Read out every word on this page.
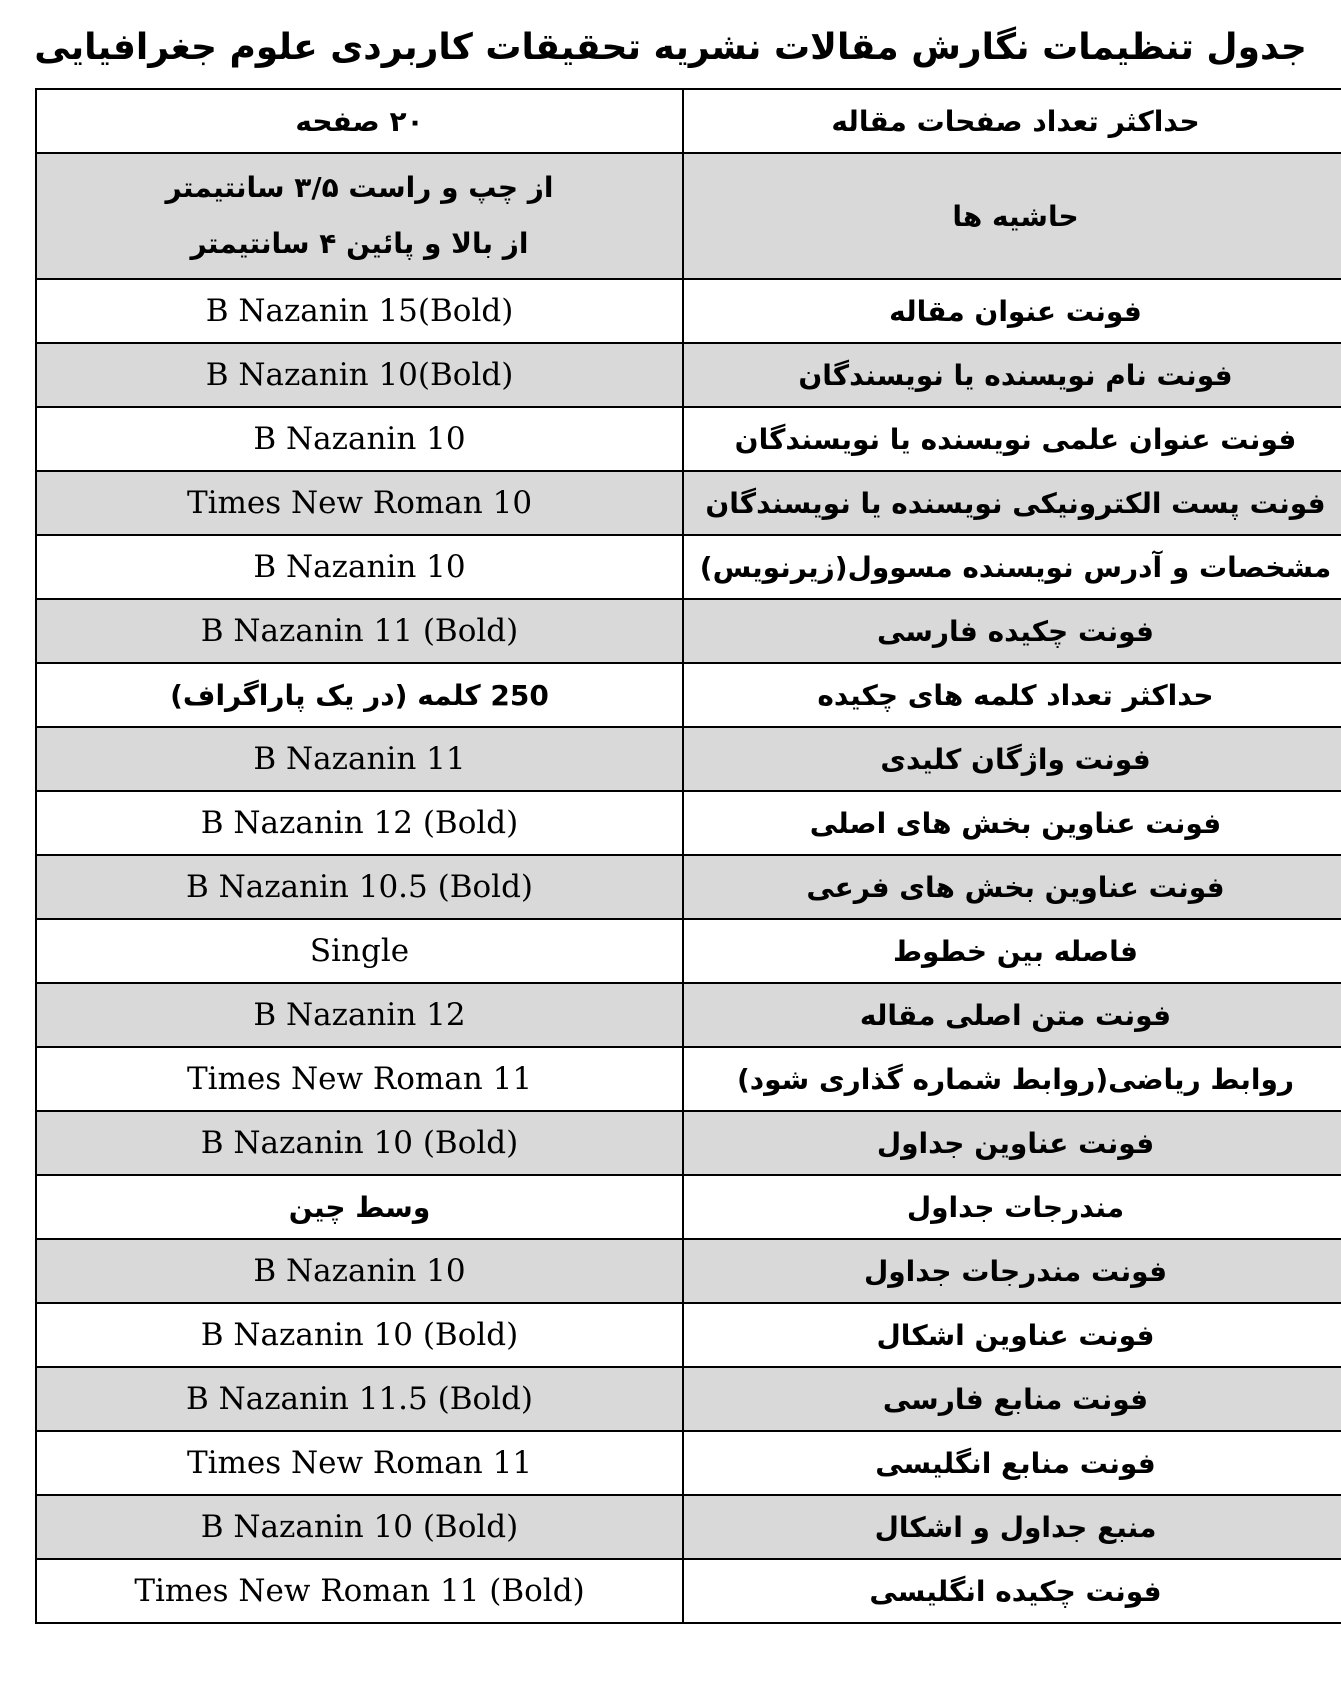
جدول تنظیمات نگارش مقالات نشریه تحقیقات کاربردی علوم جغرافیایی
حداکثر تعداد صفحات مقاله	۲۰ صفحه
حاشیه ها	از چپ و راست ۳/۵ سانتیمتر
از بالا و پائین ۴ سانتیمتر

فونت عنوان مقاله	B Nazanin 15(Bold)
فونت نام نویسنده یا نویسندگان	B Nazanin 10(Bold)
فونت عنوان علمی نویسنده یا نویسندگان	B Nazanin 10
فونت پست الکترونیکی نویسنده یا نویسندگان	Times New Roman 10
مشخصات و آدرس نویسنده مسوول(زیرنویس)	B Nazanin 10
فونت چکیده فارسی	B Nazanin 11 (Bold)
حداکثر تعداد کلمه های چکیده	250 کلمه (در یک پاراگراف)
فونت واژگان کلیدی	B Nazanin 11
فونت عناوین بخش های اصلی	B Nazanin 12 (Bold)
فونت عناوین بخش های فرعی	B Nazanin 10.5 (Bold)
فاصله بین خطوط	Single
فونت متن اصلی مقاله	B Nazanin 12
روابط ریاضی(روابط شماره گذاری شود)	Times New Roman 11
فونت عناوین جداول	B Nazanin 10 (Bold)
مندرجات جداول	وسط چین
فونت مندرجات جداول	B Nazanin 10
فونت عناوین اشکال	B Nazanin 10 (Bold)
فونت منابع فارسی	B Nazanin 11.5 (Bold)
فونت منابع انگلیسی	Times New Roman 11
منبع جداول و اشکال	B Nazanin 10 (Bold)
فونت چکیده انگلیسی	Times New Roman 11 (Bold)
